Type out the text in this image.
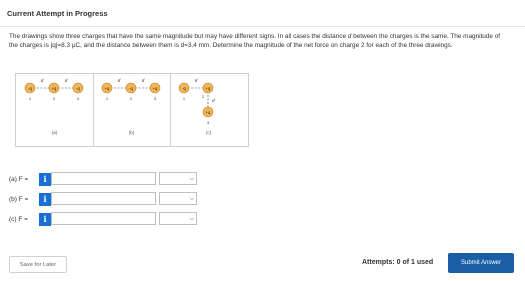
Current Attempt in Progress
The drawings show three charges that have the same magnitude but may have different signs. In all cases the distance d between the charges is the same. The magnitude of the charges is |q|=8.3 μC, and the distance between them is d=3.4 mm. Determine the magnitude of the net force on charge 2 for each of the three drawings.
-q	+q	-q
d	d
1	2	3
(a)
+q	-q	+q
d	d
1	2	3
(b)
-q	+q
+q
d
d
1	2
3
(c)
(a) F =	i	⌵
(b) F =	i	⌵
(c) F =	i	⌵
Save for Later	Attempts: 0 of 1 used	Submit Answer
